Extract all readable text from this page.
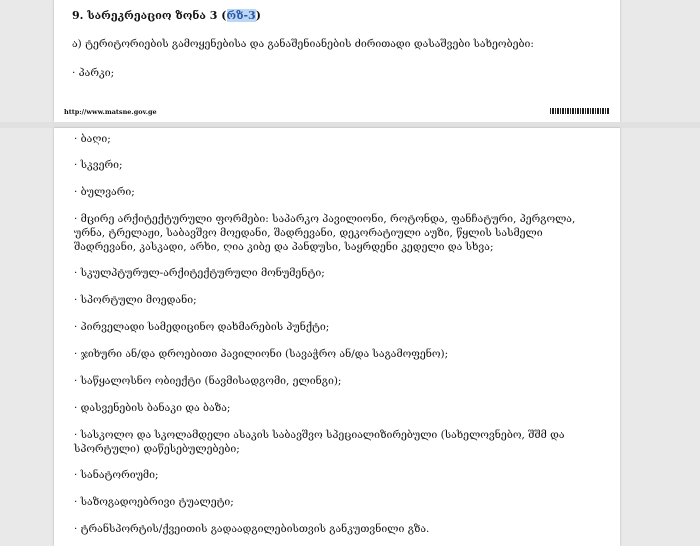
9. სარეკრეაციო ზონა 3 (რზ-3)
ა) ტერიტორიების გამოყენებისა და განაშენიანების ძირითადი დასაშვები სახეობები:
· პარკი;
http://www.matsne.gov.ge
· ბაღი;
· სკვერი;
· ბულვარი;
· მცირე არქიტექტურული ფორმები: საპარკო პავილიონი, როტონდა, ფანჩატური, პერგოლა, ურნა, ტრელაჟი, საბავშვო მოედანი, შადრევანი, დეკორატიული აუზი, წყლის სასმელი შადრევანი, კასკადი, არხი, ღია კიბე და პანდუსი, საყრდენი კედელი და სხვა;
· სკულპტურულ-არქიტექტურული მონუმენტი;
· სპორტული მოედანი;
· პირველადი სამედიცინო დახმარების პუნქტი;
· ჯიხური ან/და დროებითი პავილიონი (სავაჭრო ან/და საგამოფენო);
· საწყალოსნო ობიექტი (ნავმისადგომი, ელინგი);
· დასვენების ბანაკი და ბაზა;
· სასკოლო და სკოლამდელი ასაკის საბავშვო სპეციალიზირებული (სახელოვნებო, შშმ და სპორტული) დაწესებულებები;
· სანატორიუმი;
· საზოგადოებრივი ტუალეტი;
· ტრანსპორტის/ქვეითის გადაადგილებისთვის განკუთვნილი გზა.
